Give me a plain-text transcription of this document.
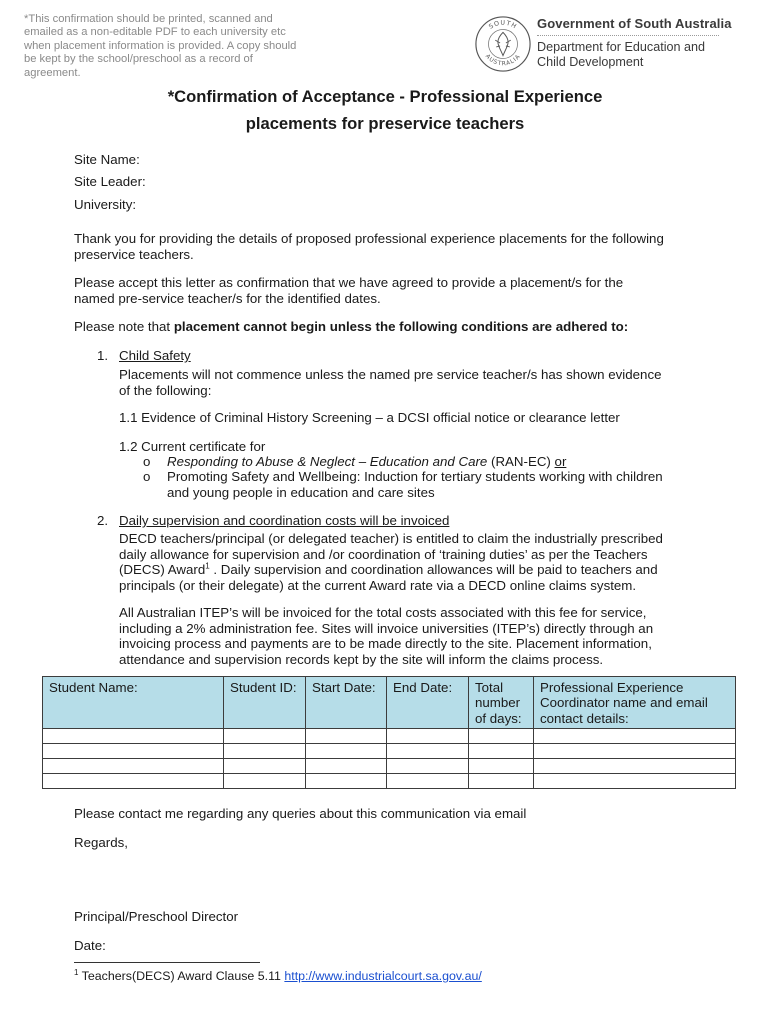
*This confirmation should be printed, scanned and
emailed as a non-editable PDF to each university etc
when placement information is provided. A copy should
be kept by the school/preschool as a record of
agreement.
SOUTH
AUSTRALIA
Government of South Australia
Department for Education and
Child Development
*Confirmation of Acceptance - Professional Experience
placements for preservice teachers
Site Name:
Site Leader:
University:
Thank you for providing the details of proposed professional experience placements for the following
preservice teachers.
Please accept this letter as confirmation that we have agreed to provide a placement/s for the
named pre-service teacher/s for the identified dates.
Please note that placement cannot begin unless the following conditions are adhered to:
1. Child Safety
Placements will not commence unless the named pre service teacher/s has shown evidence
of the following:
1.1 Evidence of Criminal History Screening – a DCSI official notice or clearance letter
1.2 Current certificate for
o Responding to Abuse & Neglect – Education and Care (RAN-EC) or
o Promoting Safety and Wellbeing: Induction for tertiary students working with children
and young people in education and care sites
2. Daily supervision and coordination costs will be invoiced
DECD teachers/principal (or delegated teacher) is entitled to claim the industrially prescribed
daily allowance for supervision and /or coordination of ‘training duties’ as per the Teachers
(DECS) Award$^1$ . Daily supervision and coordination allowances will be paid to teachers and
principals (or their delegate) at the current Award rate via a DECD online claims system.
All Australian ITEP’s will be invoiced for the total costs associated with this fee for service,
including a 2% administration fee. Sites will invoice universities (ITEP’s) directly through an
invoicing process and payments are to be made directly to the site. Placement information,
attendance and supervision records kept by the site will inform the claims process.
Student Name:	Student ID:	Start Date:	End Date:	Total number of days:	Professional Experience Coordinator name and email contact details:

Please contact me regarding any queries about this communication via email
Regards,
Principal/Preschool Director
Date:
$^1$ Teachers(DECS) Award Clause 5.11 http://www.industrialcourt.sa.gov.au/
